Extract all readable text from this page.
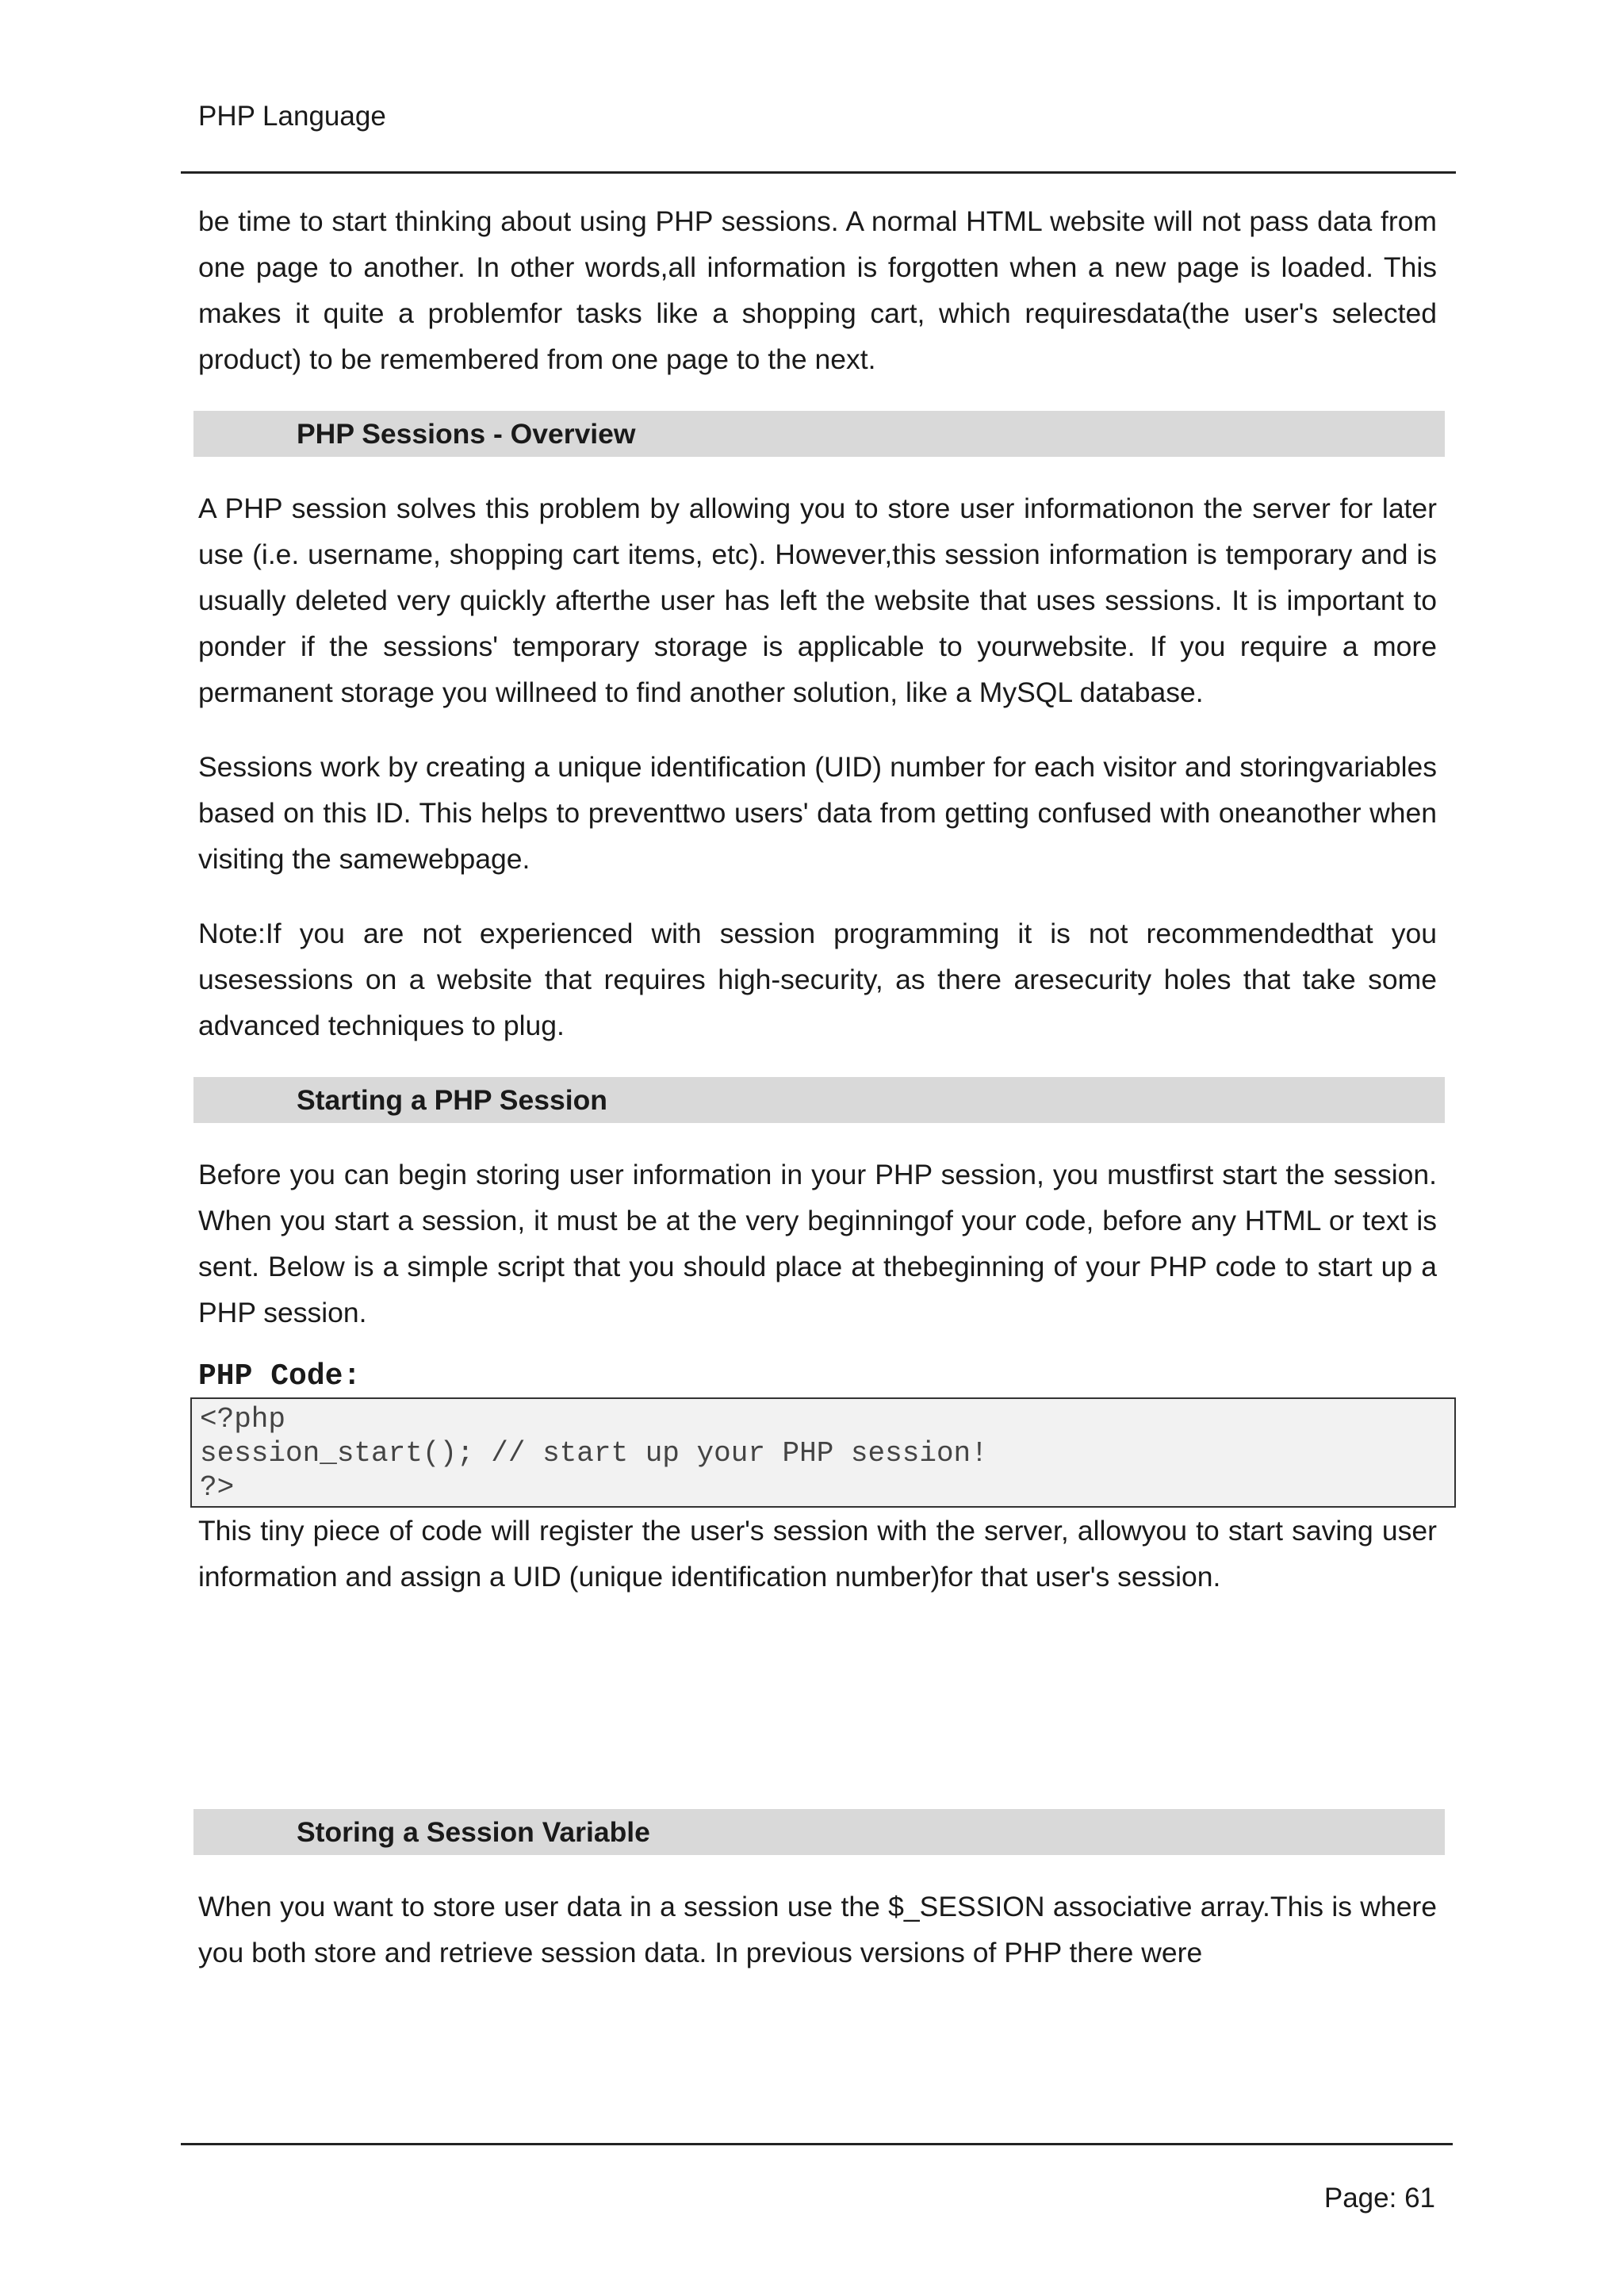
PHP Language

be time to start thinking about using PHP sessions. A normal HTML website will not pass data from one page to another. In other words,all information is forgotten when a new page is loaded. This makes it quite a problemfor tasks like a shopping cart, which requiresdata(the user's selected product) to be remembered from one page to the next.

PHP Sessions - Overview

A PHP session solves this problem by allowing you to store user informationon the server for later use (i.e. username, shopping cart items, etc). However,this session information is temporary and is usually deleted very quickly afterthe user has left the website that uses sessions. It is important to ponder if the sessions' temporary storage is applicable to yourwebsite. If you require a more permanent storage you willneed to find another solution, like a MySQL database.

Sessions work by creating a unique identification (UID) number for each visitor and storingvariables based on this ID. This helps to preventtwo users' data from getting confused with oneanother when visiting the samewebpage.

Note:If you are not experienced with session programming it is not recommendedthat you usesessions on a website that requires high-security, as there aresecurity holes that take some advanced techniques to plug.

Starting a PHP Session

Before you can begin storing user information in your PHP session, you mustfirst start the session. When you start a session, it must be at the very beginningof your code, before any HTML or text is sent. Below is a simple script that you should place at thebeginning of your PHP code to start up a PHP session.

PHP Code:
<?php
session_start(); // start up your PHP session!
?>

This tiny piece of code will register the user's session with the server, allowyou to start saving user information and assign a UID (unique identification number)for that user's session.

Storing a Session Variable

When you want to store user data in a session use the $_SESSION associative array.This is where you both store and retrieve session data. In previous versions of PHP there were

Page: 61
